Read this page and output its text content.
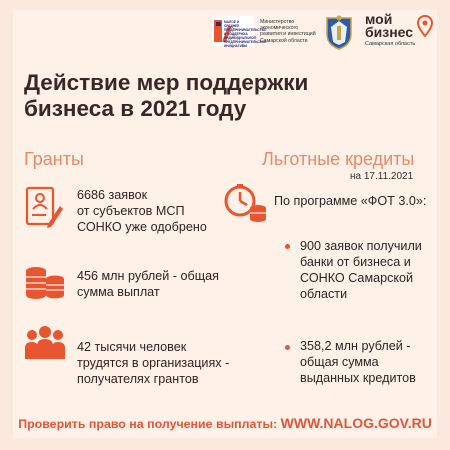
МАЛОЕ И СРЕДНЕЕ
ПРЕДПРИНИМАТЕЛЬСТВО
И ПОДДЕРЖКА
ИНДИВИДУАЛЬНОЙ
ПРЕДПРИНИМАТЕЛЬСКОЙ
ИНИЦИАТИВЫ
Министерство
экономического
развития и инвестиций
Самарской области
мой
бизнес
Самарская область
Действие мер поддержки
бизнеса в 2021 году
Гранты	Льготные кредиты
на 17.11.2021
6686 заявок
от субъектов МСП
СОНКО уже одобрено
456 млн рублей - общая
сумма выплат
42 тысячи человек
трудятся в организациях -
получателях грантов
По программе «ФОТ 3.0»:
900 заявок получили
банки от бизнеса и
СОНКО Самарской
области
358,2 млн рублей -
общая сумма
выданных кредитов
Проверить право на получение выплаты: WWW.NALOG.GOV.RU
